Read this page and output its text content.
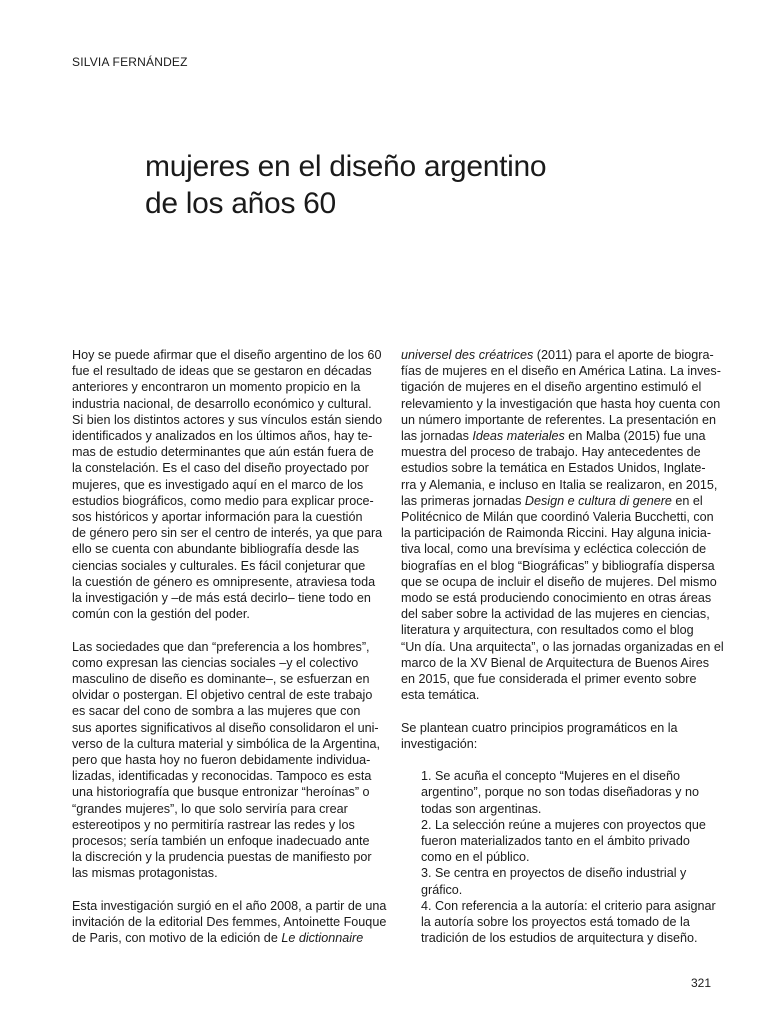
SILVIA FERNÁNDEZ
mujeres en el diseño argentino
de los años 60
Hoy se puede afirmar que el diseño argentino de los 60
fue el resultado de ideas que se gestaron en décadas
anteriores y encontraron un momento propicio en la
industria nacional, de desarrollo económico y cultural.
Si bien los distintos actores y sus vínculos están siendo
identificados y analizados en los últimos años, hay te-
mas de estudio determinantes que aún están fuera de
la constelación. Es el caso del diseño proyectado por
mujeres, que es investigado aquí en el marco de los
estudios biográficos, como medio para explicar proce-
sos históricos y aportar información para la cuestión
de género pero sin ser el centro de interés, ya que para
ello se cuenta con abundante bibliografía desde las
ciencias sociales y culturales. Es fácil conjeturar que
la cuestión de género es omnipresente, atraviesa toda
la investigación y –de más está decirlo– tiene todo en
común con la gestión del poder.
Las sociedades que dan “preferencia a los hombres”,
como expresan las ciencias sociales –y el colectivo
masculino de diseño es dominante–, se esfuerzan en
olvidar o postergan. El objetivo central de este trabajo
es sacar del cono de sombra a las mujeres que con
sus aportes significativos al diseño consolidaron el uni-
verso de la cultura material y simbólica de la Argentina,
pero que hasta hoy no fueron debidamente individua-
lizadas, identificadas y reconocidas. Tampoco es esta
una historiografía que busque entronizar “heroínas” o
“grandes mujeres”, lo que solo serviría para crear
estereotipos y no permitiría rastrear las redes y los
procesos; sería también un enfoque inadecuado ante
la discreción y la prudencia puestas de manifiesto por
las mismas protagonistas.
Esta investigación surgió en el año 2008, a partir de una
invitación de la editorial Des femmes, Antoinette Fouque
de Paris, con motivo de la edición de Le dictionnaire
universel des créatrices (2011) para el aporte de biogra-
fías de mujeres en el diseño en América Latina. La inves-
tigación de mujeres en el diseño argentino estimuló el
relevamiento y la investigación que hasta hoy cuenta con
un número importante de referentes. La presentación en
las jornadas Ideas materiales en Malba (2015) fue una
muestra del proceso de trabajo. Hay antecedentes de
estudios sobre la temática en Estados Unidos, Inglate-
rra y Alemania, e incluso en Italia se realizaron, en 2015,
las primeras jornadas Design e cultura di genere en el
Politécnico de Milán que coordinó Valeria Bucchetti, con
la participación de Raimonda Riccini. Hay alguna inicia-
tiva local, como una brevísima y ecléctica colección de
biografías en el blog “Biográficas” y bibliografía dispersa
que se ocupa de incluir el diseño de mujeres. Del mismo
modo se está produciendo conocimiento en otras áreas
del saber sobre la actividad de las mujeres en ciencias,
literatura y arquitectura, con resultados como el blog
“Un día. Una arquitecta”, o las jornadas organizadas en el
marco de la XV Bienal de Arquitectura de Buenos Aires
en 2015, que fue considerada el primer evento sobre
esta temática.
Se plantean cuatro principios programáticos en la
investigación:
1. Se acuña el concepto “Mujeres en el diseño
argentino”, porque no son todas diseñadoras y no
todas son argentinas.
2. La selección reúne a mujeres con proyectos que
fueron materializados tanto en el ámbito privado
como en el público.
3. Se centra en proyectos de diseño industrial y
gráfico.
4. Con referencia a la autoría: el criterio para asignar
la autoría sobre los proyectos está tomado de la
tradición de los estudios de arquitectura y diseño.
321
